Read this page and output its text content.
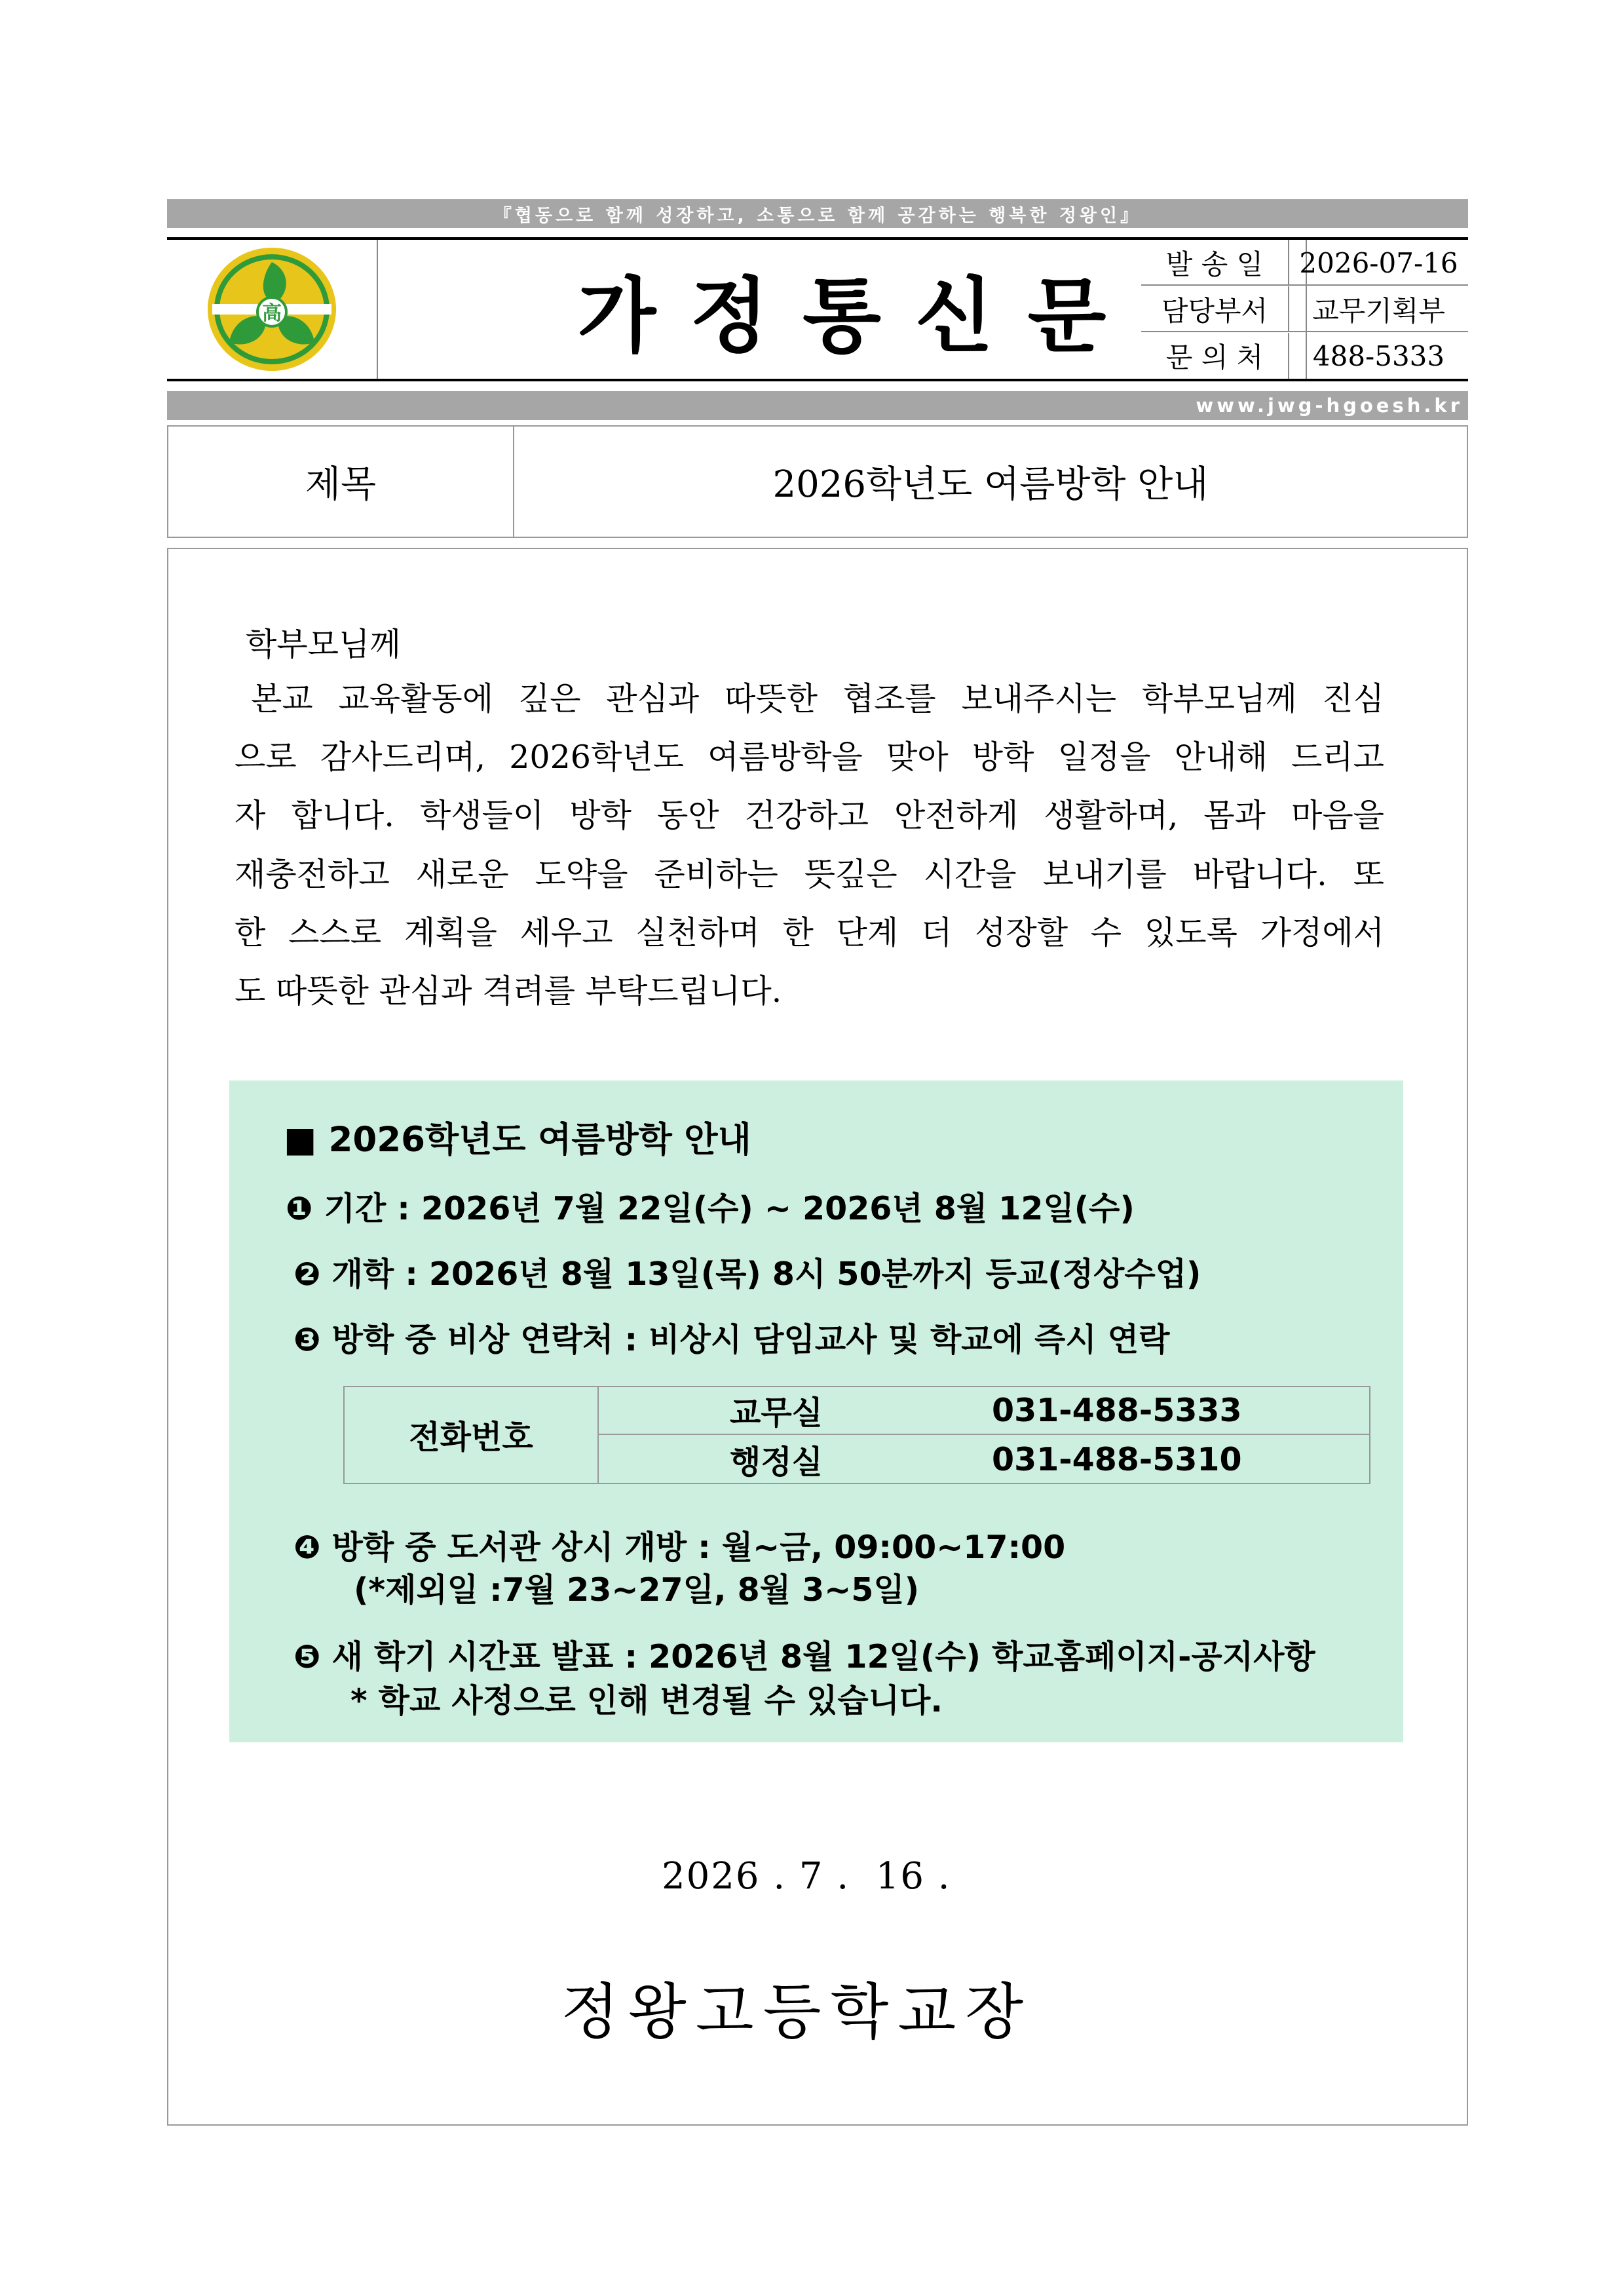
『협동으로 함께 성장하고, 소통으로 함께 공감하는 행복한 정왕인』
高	가정통신문
발 송 일	2026-07-16
담당부서	교무기획부
문 의 처	488-5333
www.jwg-hgoesh.kr
제목	2026학년도 여름방학 안내
학부모님께
본교 교육활동에 깊은 관심과 따뜻한 협조를 보내주시는 학부모님께 진심
으로 감사드리며, 2026학년도 여름방학을 맞아 방학 일정을 안내해 드리고
자 합니다. 학생들이 방학 동안 건강하고 안전하게 생활하며, 몸과 마음을
재충전하고 새로운 도약을 준비하는 뜻깊은 시간을 보내기를 바랍니다. 또
한 스스로 계획을 세우고 실천하며 한 단계 더 성장할 수 있도록 가정에서
도 따뜻한 관심과 격려를 부탁드립니다.
■ 2026학년도 여름방학 안내
❶ 기간 : 2026년 7월 22일(수) ~ 2026년 8월 12일(수)
❷ 개학 : 2026년 8월 13일(목) 8시 50분까지 등교(정상수업)
❸ 방학 중 비상 연락처 : 비상시 담임교사 및 학교에 즉시 연락
전화번호
교무실	031-488-5333
행정실	031-488-5310
❹ 방학 중 도서관 상시 개방 : 월~금, 09:00~17:00
(*제외일 :7월 23~27일, 8월 3~5일)
❺ 새 학기 시간표 발표 : 2026년 8월 12일(수) 학교홈페이지-공지사항
* 학교 사정으로 인해 변경될 수 있습니다.
2026 . 7 .  16 .
정왕고등학교장
